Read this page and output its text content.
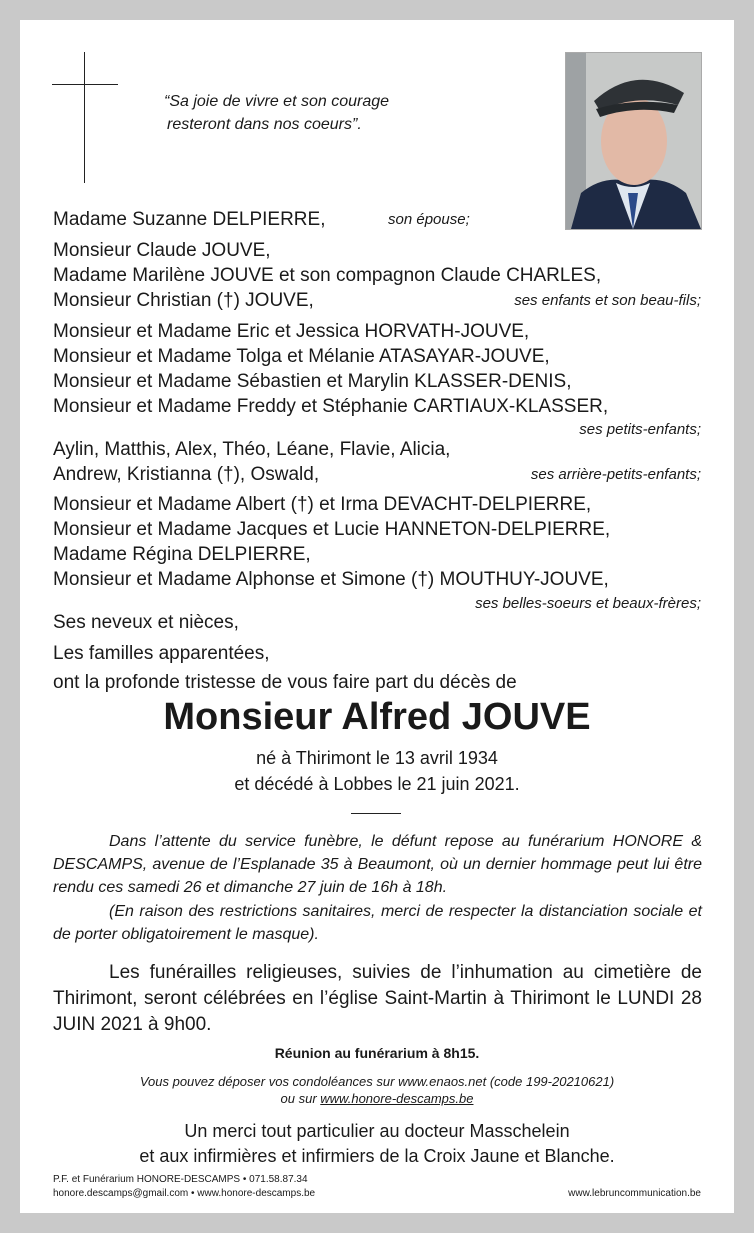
“Sa joie de vivre et son courage
resteront dans nos coeurs”.
Madame Suzanne DELPIERRE,	son épouse;
Monsieur Claude JOUVE,
Madame Marilène JOUVE et son compagnon Claude CHARLES,
Monsieur Christian (†) JOUVE,	ses enfants et son beau-fils;
Monsieur et Madame Eric et Jessica HORVATH-JOUVE,
Monsieur et Madame Tolga et Mélanie ATASAYAR-JOUVE,
Monsieur et Madame Sébastien et Marylin KLASSER-DENIS,
Monsieur et Madame Freddy et Stéphanie CARTIAUX-KLASSER,
ses petits-enfants;
Aylin, Matthis, Alex, Théo, Léane, Flavie, Alicia,
Andrew, Kristianna (†), Oswald,	ses arrière-petits-enfants;
Monsieur et Madame Albert (†) et Irma DEVACHT-DELPIERRE,
Monsieur et Madame Jacques et Lucie HANNETON-DELPIERRE,
Madame Régina DELPIERRE,
Monsieur et Madame Alphonse et Simone (†) MOUTHUY-JOUVE,
ses belles-soeurs et beaux-frères;
Ses neveux et nièces,
Les familles apparentées,
ont la profonde tristesse de vous faire part du décès de
Monsieur Alfred JOUVE
né à Thirimont le 13 avril 1934
et décédé à Lobbes le 21 juin 2021.
Dans l’attente du service funèbre, le défunt repose au funérarium HONORE & DESCAMPS, avenue de l’Esplanade 35 à Beaumont, où un dernier hommage peut lui être rendu ces samedi 26 et dimanche 27 juin de 16h à 18h.
(En raison des restrictions sanitaires, merci de respecter la distanciation sociale et de porter obligatoirement le masque).
Les funérailles religieuses, suivies de l’inhumation au cimetière de Thirimont, seront célébrées en l’église Saint-Martin à Thirimont le LUNDI 28 JUIN 2021 à 9h00.
Réunion au funérarium à 8h15.
Vous pouvez déposer vos condoléances sur www.enaos.net (code 199-20210621)
ou sur www.honore-descamps.be
Un merci tout particulier au docteur Masschelein
et aux infirmières et infirmiers de la Croix Jaune et Blanche.
P.F. et Funérarium HONORE-DESCAMPS • 071.58.87.34
honore.descamps@gmail.com • www.honore-descamps.be	www.lebruncommunication.be
